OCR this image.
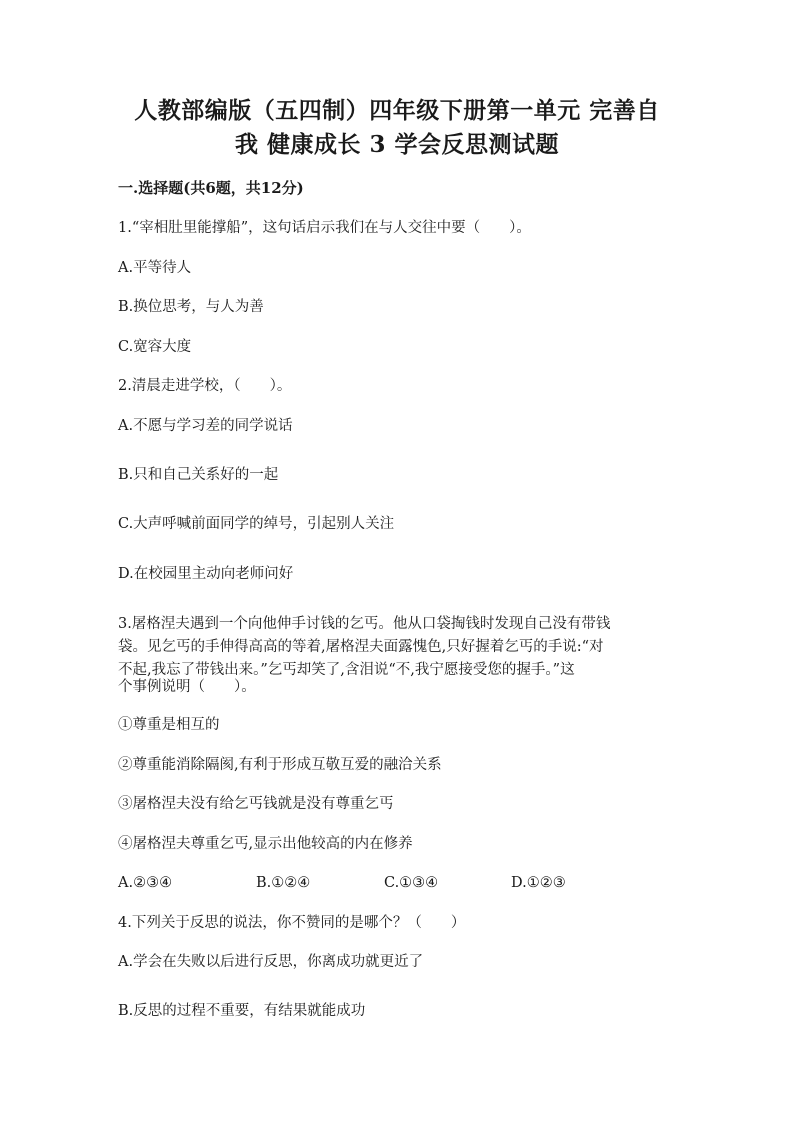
人教部编版（五四制）四年级下册第一单元 完善自
我 健康成长 3 学会反思测试题
一.选择题(共6题，共12分)
1.“宰相肚里能撑船”，这句话启示我们在与人交往中要（　　）。
A.平等待人
B.换位思考，与人为善
C.宽容大度
2.清晨走进学校，（　　）。
A.不愿与学习差的同学说话
B.只和自己关系好的一起
C.大声呼喊前面同学的绰号，引起别人关注
D.在校园里主动向老师问好
3.屠格涅夫遇到一个向他伸手讨钱的乞丐。他从口袋掏钱时发现自己没有带钱
袋。见乞丐的手伸得高高的等着,屠格涅夫面露愧色,只好握着乞丐的手说:“对
不起,我忘了带钱出来。”乞丐却笑了,含泪说“不,我宁愿接受您的握手。”这
个事例说明（　　）。
①尊重是相互的
②尊重能消除隔阂,有利于形成互敬互爱的融洽关系
③屠格涅夫没有给乞丐钱就是没有尊重乞丐
④屠格涅夫尊重乞丐,显示出他较高的内在修养
A.②③④	B.①②④	C.①③④	D.①②③
4.下列关于反思的说法，你不赞同的是哪个？（　　）
A.学会在失败以后进行反思，你离成功就更近了
B.反思的过程不重要，有结果就能成功
